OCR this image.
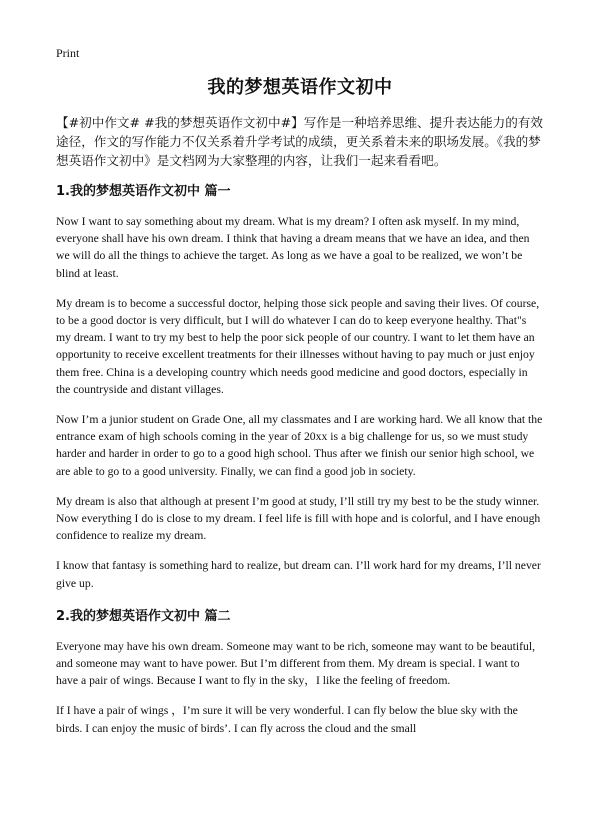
Print
我的梦想英语作文初中
【#初中作文# #我的梦想英语作文初中#】写作是一种培养思维、提升表达能力的有效途径，作文的写作能力不仅关系着升学考试的成绩，更关系着未来的职场发展。《我的梦想英语作文初中》是文档网为大家整理的内容，让我们一起来看看吧。
1.我的梦想英语作文初中 篇一

Now I want to say something about my dream. What is my dream? I often ask myself. In my mind, everyone shall have his own dream. I think that having a dream means that we have an idea, and then we will do all the things to achieve the target. As long as we have a goal to be realized, we won’t be blind at least.

My dream is to become a successful doctor, helping those sick people and saving their lives. Of course, to be a good doctor is very difficult, but I will do whatever I can do to keep everyone healthy. That"s my dream. I want to try my best to help the poor sick people of our country. I want to let them have an opportunity to receive excellent treatments for their illnesses without having to pay much or just enjoy them free. China is a developing country which needs good medicine and good doctors, especially in the countryside and distant villages.

Now I’m a junior student on Grade One, all my classmates and I are working hard. We all know that the entrance exam of high schools coming in the year of 20xx is a big challenge for us, so we must study harder and harder in order to go to a good high school. Thus after we finish our senior high school, we are able to go to a good university. Finally, we can find a good job in society.

My dream is also that although at present I’m good at study, I’ll still try my best to be the study winner. Now everything I do is close to my dream. I feel life is fill with hope and is colorful, and I have enough confidence to realize my dream.

I know that fantasy is something hard to realize, but dream can. I’ll work hard for my dreams, I’ll never give up.

2.我的梦想英语作文初中 篇二

Everyone may have his own dream. Someone may want to be rich, someone may want to be beautiful, and someone may want to have power. But I’m different from them. My dream is special. I want to have a pair of wings. Because I want to fly in the sky，I like the feeling of freedom.

If I have a pair of wings ，I’m sure it will be very wonderful. I can fly below the blue sky with the birds. I can enjoy the music of birds’. I can fly across the cloud and the small
